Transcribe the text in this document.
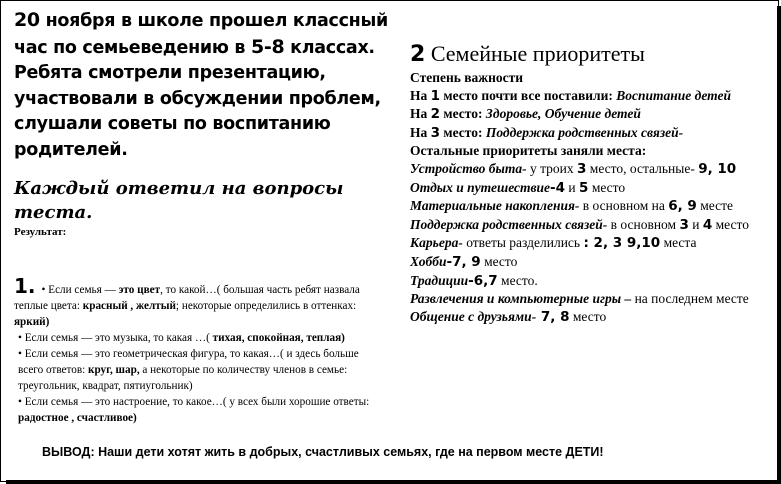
20 ноября в школе прошел классный час по семьеведению в 5-8 классах. Ребята смотрели презентацию, участвовали в обсуждении проблем, слушали советы по воспитанию родителей.

Каждый ответил на вопросы теста.

Результат:

1. • Если семья — это цвет, то какой…( большая часть ребят назвала теплые цвета: красный , желтый; некоторые определились в оттенках: яркий)

• Если семья — это музыка, то какая …( тихая, спокойная, теплая)

• Если семья — это геометрическая фигура, то какая…( и здесь больше всего ответов: круг, шар, а некоторые по количеству членов в семье: треугольник, квадрат, пятиугольник)

• Если семья — это настроение, то какое…( у всех были хорошие ответы: радостное , счастливое)

2 Семейные приоритеты

Степень важности

На 1 место почти все поставили: Воспитание детей

На 2 место: Здоровье, Обучение детей

На 3 место: Поддержка родственных связей-

Остальные приоритеты заняли места:

Устройство быта- у троих 3 место, остальные- 9, 10

Отдых и путешествие-4 и 5 место

Материальные накопления- в основном на 6, 9 месте

Поддержка родственных связей- в основном 3 и 4 место

Карьера- ответы разделились : 2, 3 9,10 места

Хобби-7, 9 место

Традиции-6,7 место.

Развлечения и компьютерные игры – на последнем месте

Общение с друзьями- 7, 8 место

ВЫВОД: Наши дети хотят жить в добрых, счастливых семьях, где на первом месте ДЕТИ!
